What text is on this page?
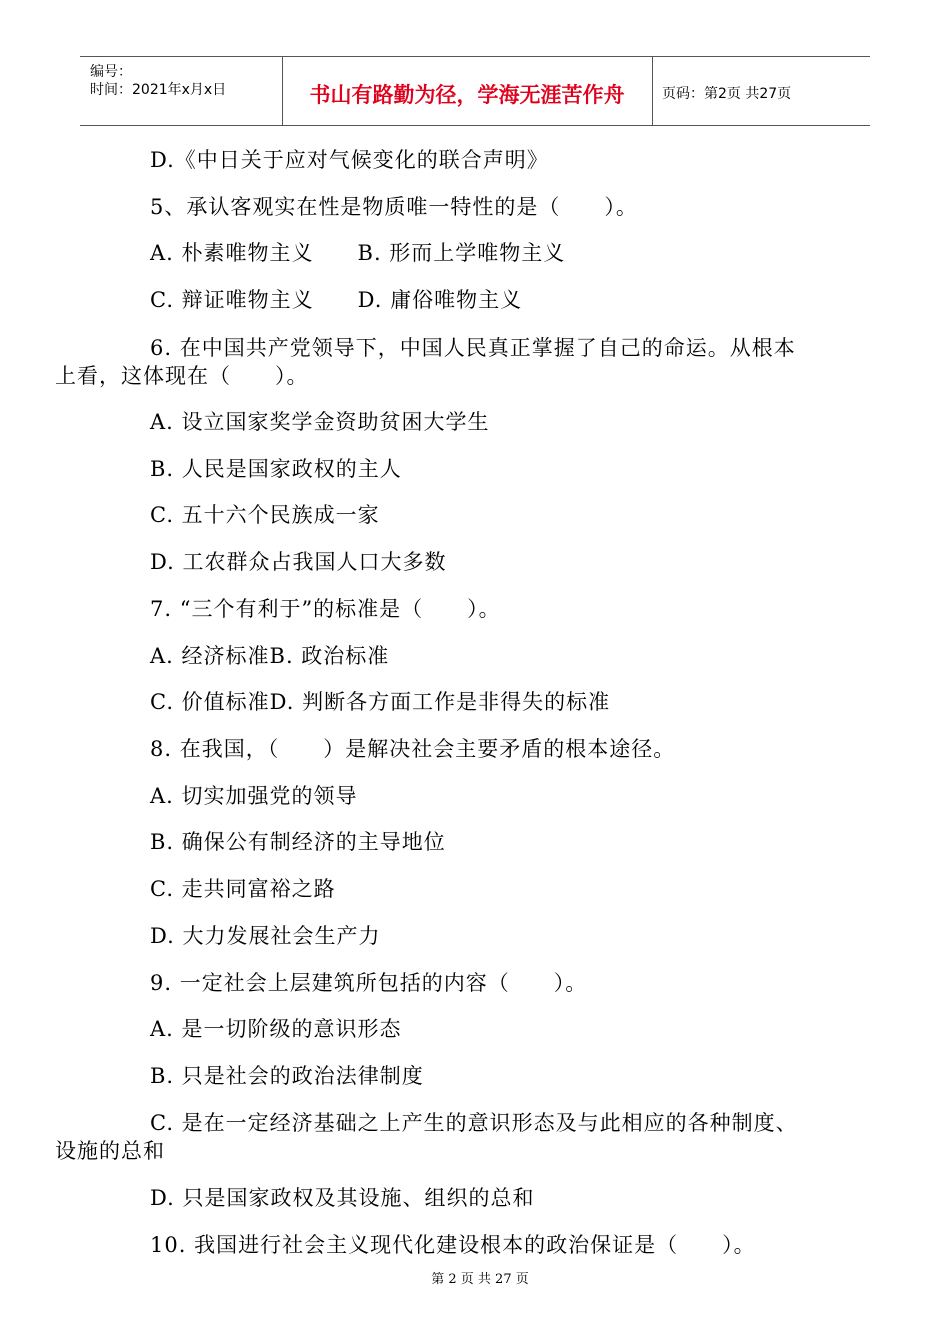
编号：
时间：2021年x月x日	书山有路勤为径，学海无涯苦作舟	页码：第2页 共27页
D.《中日关于应对气候变化的联合声明》
5、承认客观实在性是物质唯一特性的是（　　）。
A. 朴素唯物主义　　B. 形而上学唯物主义
C. 辩证唯物主义　　D. 庸俗唯物主义
6. 在中国共产党领导下，中国人民真正掌握了自己的命运。从根本
上看，这体现在（　　）。
A. 设立国家奖学金资助贫困大学生
B. 人民是国家政权的主人
C. 五十六个民族成一家
D. 工农群众占我国人口大多数
7. “三个有利于”的标准是（　　）。
A. 经济标准B. 政治标准
C. 价值标准D. 判断各方面工作是非得失的标准
8. 在我国，（　　）是解决社会主要矛盾的根本途径。
A. 切实加强党的领导
B. 确保公有制经济的主导地位
C. 走共同富裕之路
D. 大力发展社会生产力
9. 一定社会上层建筑所包括的内容（　　）。
A. 是一切阶级的意识形态
B. 只是社会的政治法律制度
C. 是在一定经济基础之上产生的意识形态及与此相应的各种制度、
设施的总和
D. 只是国家政权及其设施、组织的总和
10. 我国进行社会主义现代化建设根本的政治保证是（　　）。
第 2 页 共 27 页
